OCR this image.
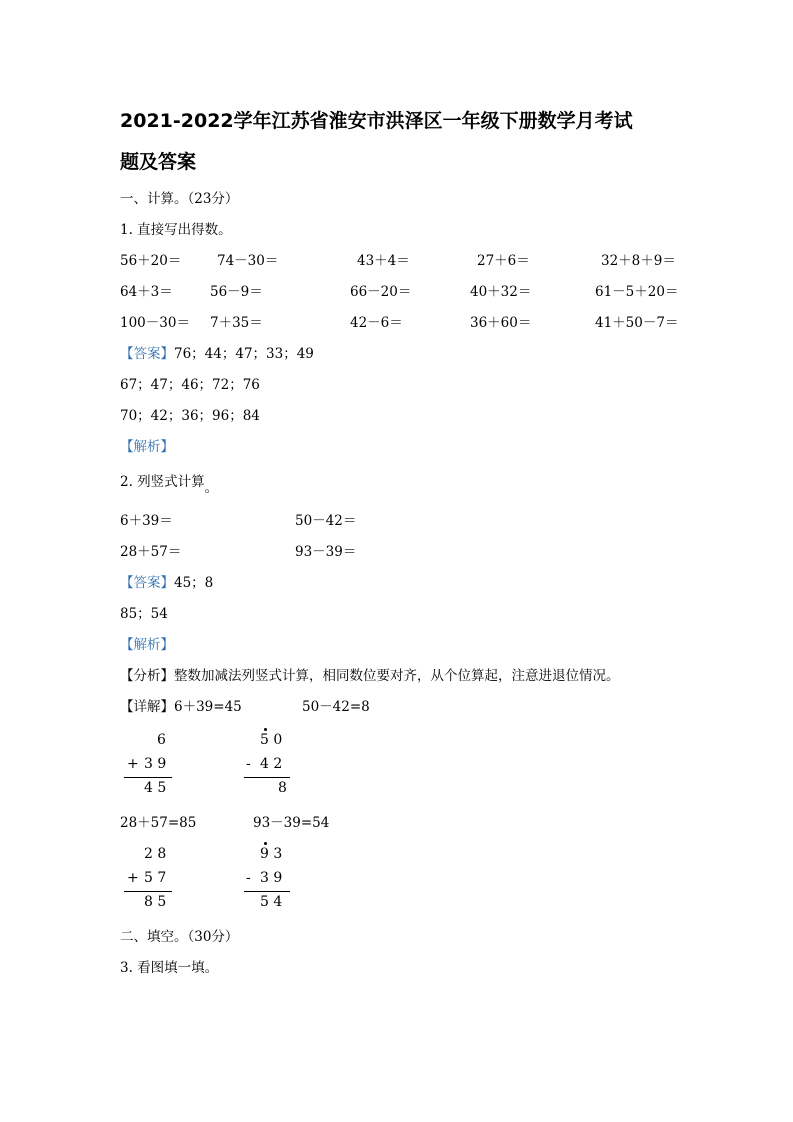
2021-2022学年江苏省淮安市洪泽区一年级下册数学月考试
题及答案
一、计算。（23分）
1. 直接写出得数。
56＋20＝	74－30＝	43＋4＝	27＋6＝	32＋8＋9＝
64＋3＝	56－9＝	66－20＝	40＋32＝	61－5＋20＝
100－30＝ 7＋35＝	42－6＝	36＋60＝	41＋50－7＝
【答案】76；44；47；33；49
67；47；46；72；76
70；42；36；96；84
【解析】
2. 列竖式计算。
6＋39＝	50－42＝
28＋57＝	93－39＝
【答案】45；8
85；54
【解析】
【分析】整数加减法列竖式计算，相同数位要对齐，从个位算起，注意进退位情况。
【详解】6＋39=45	50－42=8
6
+ 3 9
4 5
5 0
- 4 2
8
28＋57=85	93－39=54
2 8
+ 5 7
8 5
9 3
- 3 9
5 4
二、填空。（30分）
3. 看图填一填。
